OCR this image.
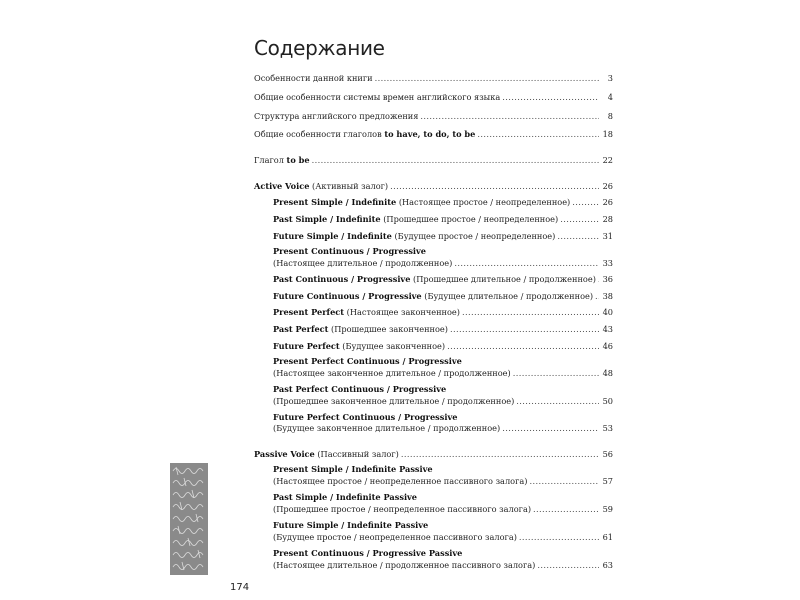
Содержание
Особенности данной книги .....	3
Общие особенности системы времен английского языка .....	4
Структура английского предложения .....	8
Общие особенности глаголов to have, to do, to be .....	18
Глагол to be .....	22
Active Voice (Активный залог) .....	26
Present Simple / Indefinite (Настоящее простое / неопределенное) .....	26
Past Simple / Indefinite (Прошедшее простое / неопределенное) .....	28
Future Simple / Indefinite (Будущее простое / неопределенное) .....	31
Present Continuous / Progressive
(Настоящее длительное / продолженное) .....	33
Past Continuous / Progressive (Прошедшее длительное / продолженное) ..... 36
Future Continuous / Progressive (Будущее длительное / продолженное) ..... 38
Present Perfect (Настоящее законченное) .....	40
Past Perfect (Прошедшее законченное) .....	43
Future Perfect (Будущее законченное) .....	46
Present Perfect Continuous / Progressive
(Настоящее законченное длительное / продолженное) .....	48
Past Perfect Continuous / Progressive
(Прошедшее законченное длительное / продолженное) .....	50
Future Perfect Continuous / Progressive
(Будущее законченное длительное / продолженное) .....	53
Passive Voice (Пассивный залог) .....	56
Present Simple / Indefinite Passive
(Настоящее простое / неопределенное пассивного залога) .....	57
Past Simple / Indefinite Passive
(Прошедшее простое / неопределенное пассивного залога) .....	59
Future Simple / Indefinite Passive
(Будущее простое / неопределенное пассивного залога) .....	61
Present Continuous / Progressive Passive
(Настоящее длительное / продолженное пассивного залога) .....	63
174
